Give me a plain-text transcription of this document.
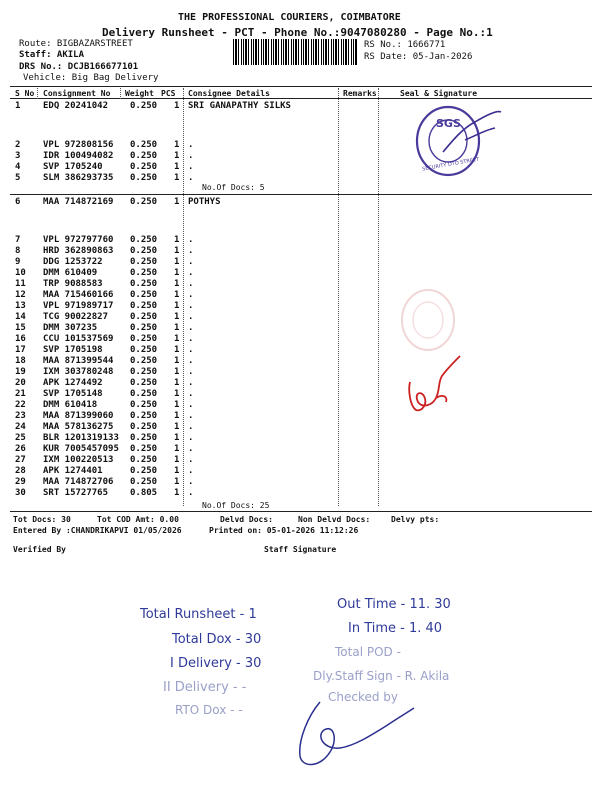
THE PROFESSIONAL COURIERS, COIMBATORE
Delivery Runsheet - PCT - Phone No.:9047080280 - Page No.:1
Route: BIGBAZARSTREET
Staff: AKILA
DRS No.: DCJB166677101
Vehicle: Big Bag Delivery
RS No.: 1666771
RS Date: 05-Jan-2026
S No Consignment No Weight PCS Consignee Details	Remarks	Seal & Signature
1	EDQ 20241042 0.250 1 SRI GANAPATHY SILKS
2	VPL 972808156 0.250 1 .
3	IDR 100494082 0.250 1 .
4	SVP 1705240	0.250 1 .
5	SLM 386293735 0.250 1 .
6	MAA 714872169 0.250 1 POTHYS
7	VPL 972797760 0.250 1 .
8	HRD 362890863 0.250 1 .
9	DDG 1253722	0.250 1 .
10 DMM 610409	0.250 1 .
11 TRP 9088583	0.250 1 .
12 MAA 715460166 0.250 1 .
13 VPL 971989717 0.250 1 .
14 TCG 90022827 0.250 1 .
15 DMM 307235	0.250 1 .
16 CCU 101537569 0.250 1 .
17 SVP 1705198	0.250 1 .
18 MAA 871399544 0.250 1 .
19 IXM 303780248 0.250 1 .
20 APK 1274492	0.250 1 .
21 SVP 1705148	0.250 1 .
22 DMM 610418	0.250 1 .
23 MAA 871399060 0.250 1 .
24 MAA 578136275 0.250 1 .
25 BLR 1201319133 0.250 1 .
26 KUR 7005457095 0.250 1 .
27 IXM 100220513 0.250 1 .
28 APK 1274401	0.250 1 .
29 MAA 714872706 0.250 1 .
30 SRT 15727765 0.805 1 .
No.Of Docs: 5
No.Of Docs: 25
SGS
SECURITY OTO STREET
Tot Docs: 30	Tot COD Amt: 0.00	Delvd Docs:	Non Delvd Docs:	Delvy pts:
Entered By :CHANDRIKAPVI 01/05/2026	Printed on: 05-01-2026 11:12:26
Verified By	Staff Signature
Total Runsheet - 1
Total Dox - 30
I Delivery - 30
II Delivery - -
RTO Dox - -
Out Time - 11. 30
In Time - 1. 40
Total POD -
Dly.Staff Sign - R. Akila
Checked by
